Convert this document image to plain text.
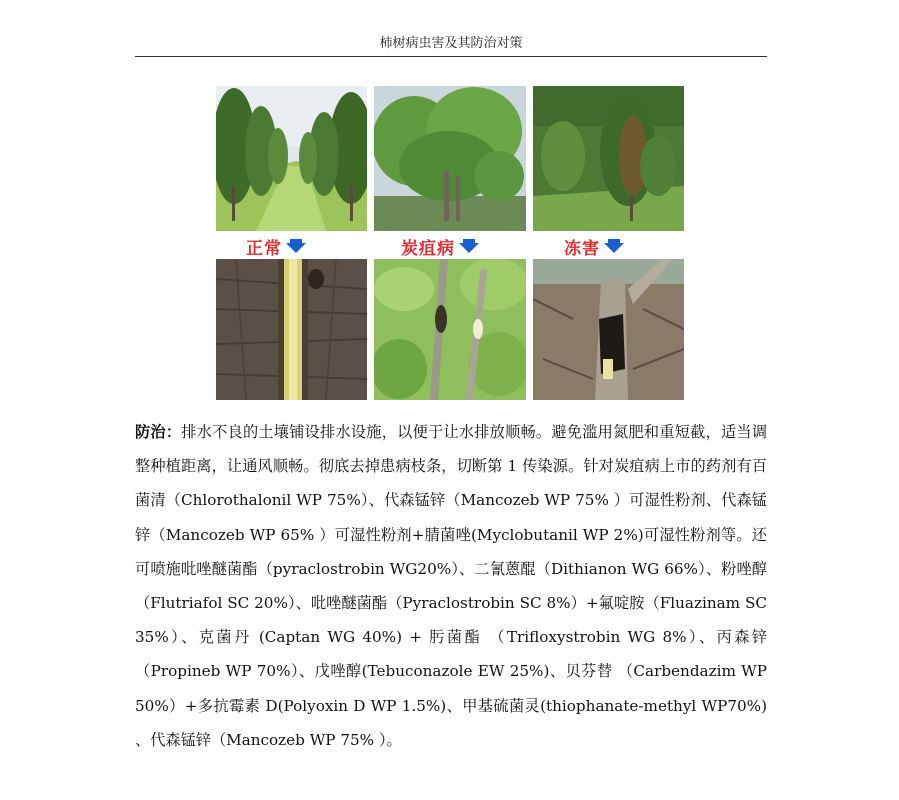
柿树病虫害及其防治对策
正常	炭疽病	冻害
防治：排水不良的土壤铺设排水设施，以便于让水排放顺畅。避免滥用氮肥和重短截，适当调整种植距离，让通风顺畅。彻底去掉患病枝条，切断第 1 传染源。针对炭疽病上市的药剂有百菌清（Chlorothalonil WP 75%）、代森锰锌（Mancozeb WP 75% ）可湿性粉剂、代森锰锌（Mancozeb WP 65% ）可湿性粉剂+腈菌唑(Myclobutanil WP 2%)可湿性粉剂等。还可喷施吡唑醚菌酯（pyraclostrobin WG20%）、二氰蒽醌（Dithianon WG 66%）、粉唑醇（Flutriafol SC 20%）、吡唑醚菌酯（Pyraclostrobin SC 8%）+氟啶胺（Fluazinam SC 35%）、克菌丹 (Captan WG 40%) + 肟菌酯 （Trifloxystrobin WG 8%）、丙森锌（Propineb WP 70%）、戊唑醇(Tebuconazole EW 25%)、贝芬替 （Carbendazim WP 50%）+多抗霉素 D(Polyoxin D WP 1.5%)、甲基硫菌灵(thiophanate-methyl WP70%) 、代森锰锌（Mancozeb WP 75% ）。
